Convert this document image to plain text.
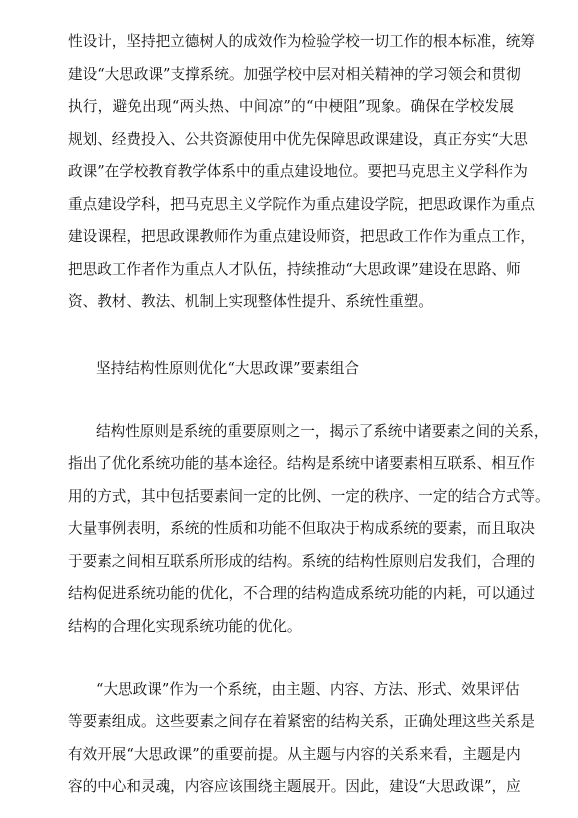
性设计，坚持把立德树人的成效作为检验学校一切工作的根本标准，统筹
建设“大思政课”支撑系统。加强学校中层对相关精神的学习领会和贯彻
执行，避免出现“两头热、中间凉”的“中梗阻”现象。确保在学校发展
规划、经费投入、公共资源使用中优先保障思政课建设，真正夯实“大思
政课”在学校教育教学体系中的重点建设地位。要把马克思主义学科作为
重点建设学科，把马克思主义学院作为重点建设学院，把思政课作为重点
建设课程，把思政课教师作为重点建设师资，把思政工作作为重点工作，
把思政工作者作为重点人才队伍，持续推动“大思政课”建设在思路、师
资、教材、教法、机制上实现整体性提升、系统性重塑。
坚持结构性原则优化“大思政课”要素组合
结构性原则是系统的重要原则之一，揭示了系统中诸要素之间的关系，
指出了优化系统功能的基本途径。结构是系统中诸要素相互联系、相互作
用的方式，其中包括要素间一定的比例、一定的秩序、一定的结合方式等。
大量事例表明，系统的性质和功能不但取决于构成系统的要素，而且取决
于要素之间相互联系所形成的结构。系统的结构性原则启发我们，合理的
结构促进系统功能的优化，不合理的结构造成系统功能的内耗，可以通过
结构的合理化实现系统功能的优化。
“大思政课”作为一个系统，由主题、内容、方法、形式、效果评估
等要素组成。这些要素之间存在着紧密的结构关系，正确处理这些关系是
有效开展“大思政课”的重要前提。从主题与内容的关系来看，主题是内
容的中心和灵魂，内容应该围绕主题展开。因此，建设“大思政课”，应
